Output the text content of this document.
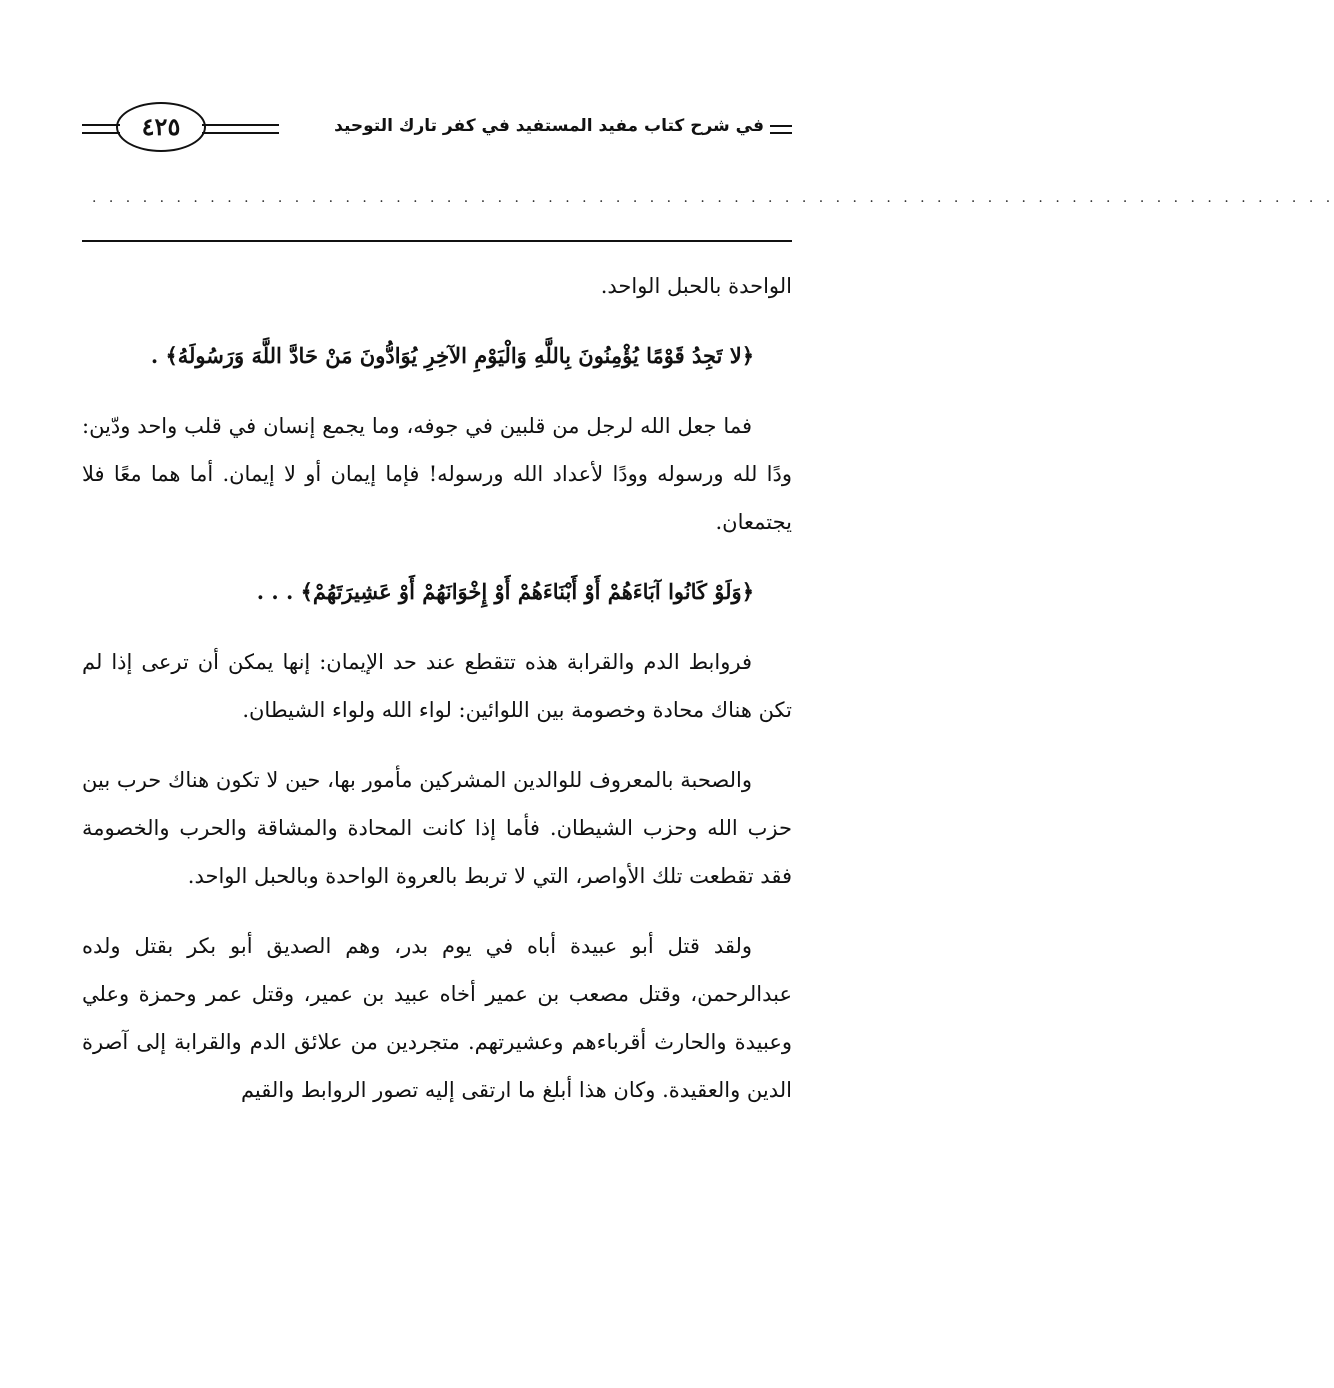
٤٢٥	في شرح كتاب مفيد المستفيد في كفر تارك التوحيد
· · · · · · · · · · · · · · · · · · · · · · · · · · · · · · · · · · · · · · · · · · · · · · · · · · · · · · · · · · · · · · · · · · · · · · · · · ·

الواحدة بالحبل الواحد.

﴿لا تَجِدُ قَوْمًا يُؤْمِنُونَ بِاللَّهِ وَالْيَوْمِ الآخِرِ يُوَادُّونَ مَنْ حَادَّ اللَّهَ وَرَسُولَهُ﴾ .

فما جعل الله لرجل من قلبين في جوفه، وما يجمع إنسان في قلب واحد ودّين: ودًا لله ورسوله وودًا لأعداد الله ورسوله! فإما إيمان أو لا إيمان. أما هما معًا فلا يجتمعان.

﴿وَلَوْ كَانُوا آبَاءَهُمْ أَوْ أَبْنَاءَهُمْ أَوْ إِخْوَانَهُمْ أَوْ عَشِيرَتَهُمْ﴾ . . .

فروابط الدم والقرابة هذه تتقطع عند حد الإيمان: إنها يمكن أن ترعى إذا لم تكن هناك محادة وخصومة بين اللوائين: لواء الله ولواء الشيطان.

والصحبة بالمعروف للوالدين المشركين مأمور بها، حين لا تكون هناك حرب بين حزب الله وحزب الشيطان. فأما إذا كانت المحادة والمشاقة والحرب والخصومة فقد تقطعت تلك الأواصر، التي لا تربط بالعروة الواحدة وبالحبل الواحد.

ولقد قتل أبو عبيدة أباه في يوم بدر، وهم الصديق أبو بكر بقتل ولده عبدالرحمن، وقتل مصعب بن عمير أخاه عبيد بن عمير، وقتل عمر وحمزة وعلي وعبيدة والحارث أقرباءهم وعشيرتهم. متجردين من علائق الدم والقرابة إلى آصرة الدين والعقيدة. وكان هذا أبلغ ما ارتقى إليه تصور الروابط والقيم
